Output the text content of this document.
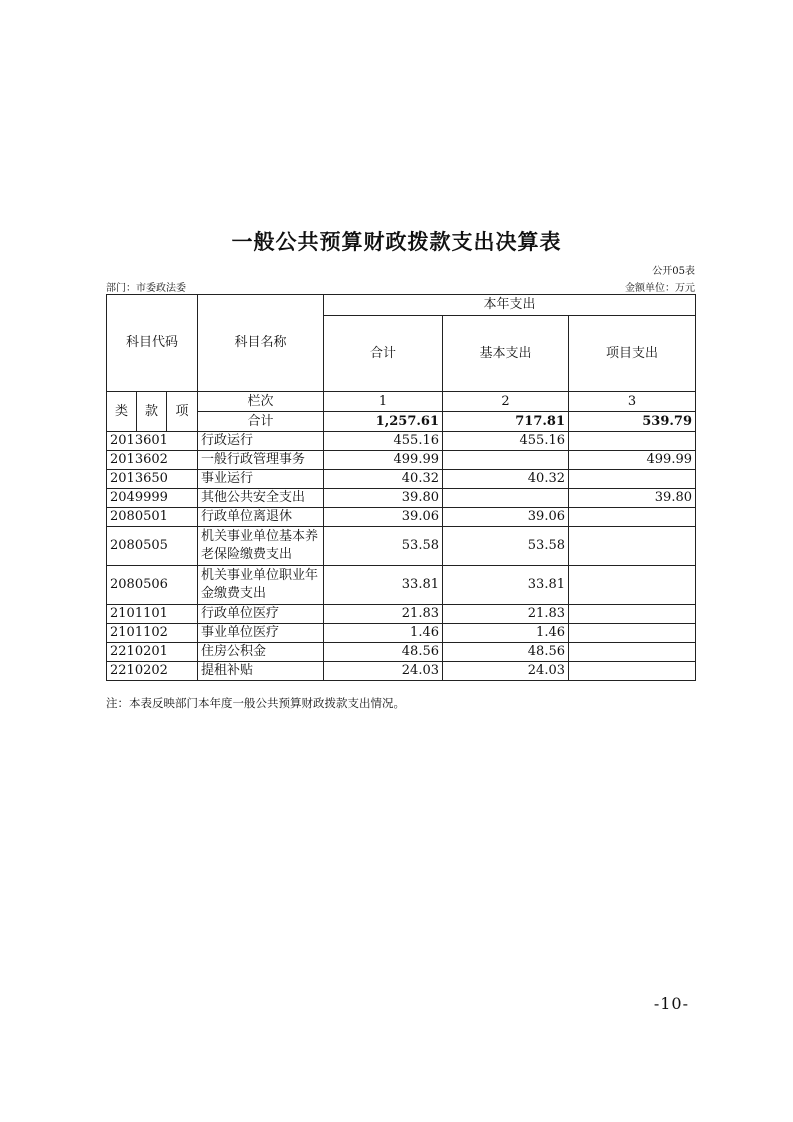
一般公共预算财政拨款支出决算表
公开05表
部门：市委政法委	金额单位：万元
科目代码			科目名称	本年支出		
				合计	基本支出	项目支出
类	款	项	栏次	1	2	3
			合计	1,257.61	717.81	539.79
2013601			行政运行	455.16	455.16	
2013602			一般行政管理事务	499.99		499.99
2013650			事业运行	40.32	40.32	
2049999			其他公共安全支出	39.80		39.80
2080501			行政单位离退休	39.06	39.06	
2080505			机关事业单位基本养老保险缴费支出	53.58	53.58	
2080506			机关事业单位职业年金缴费支出	33.81	33.81	
2101101			行政单位医疗	21.83	21.83	
2101102			事业单位医疗	1.46	1.46	
2210201			住房公积金	48.56	48.56	
2210202			提租补贴	24.03	24.03	
注：本表反映部门本年度一般公共预算财政拨款支出情况。
-10-
